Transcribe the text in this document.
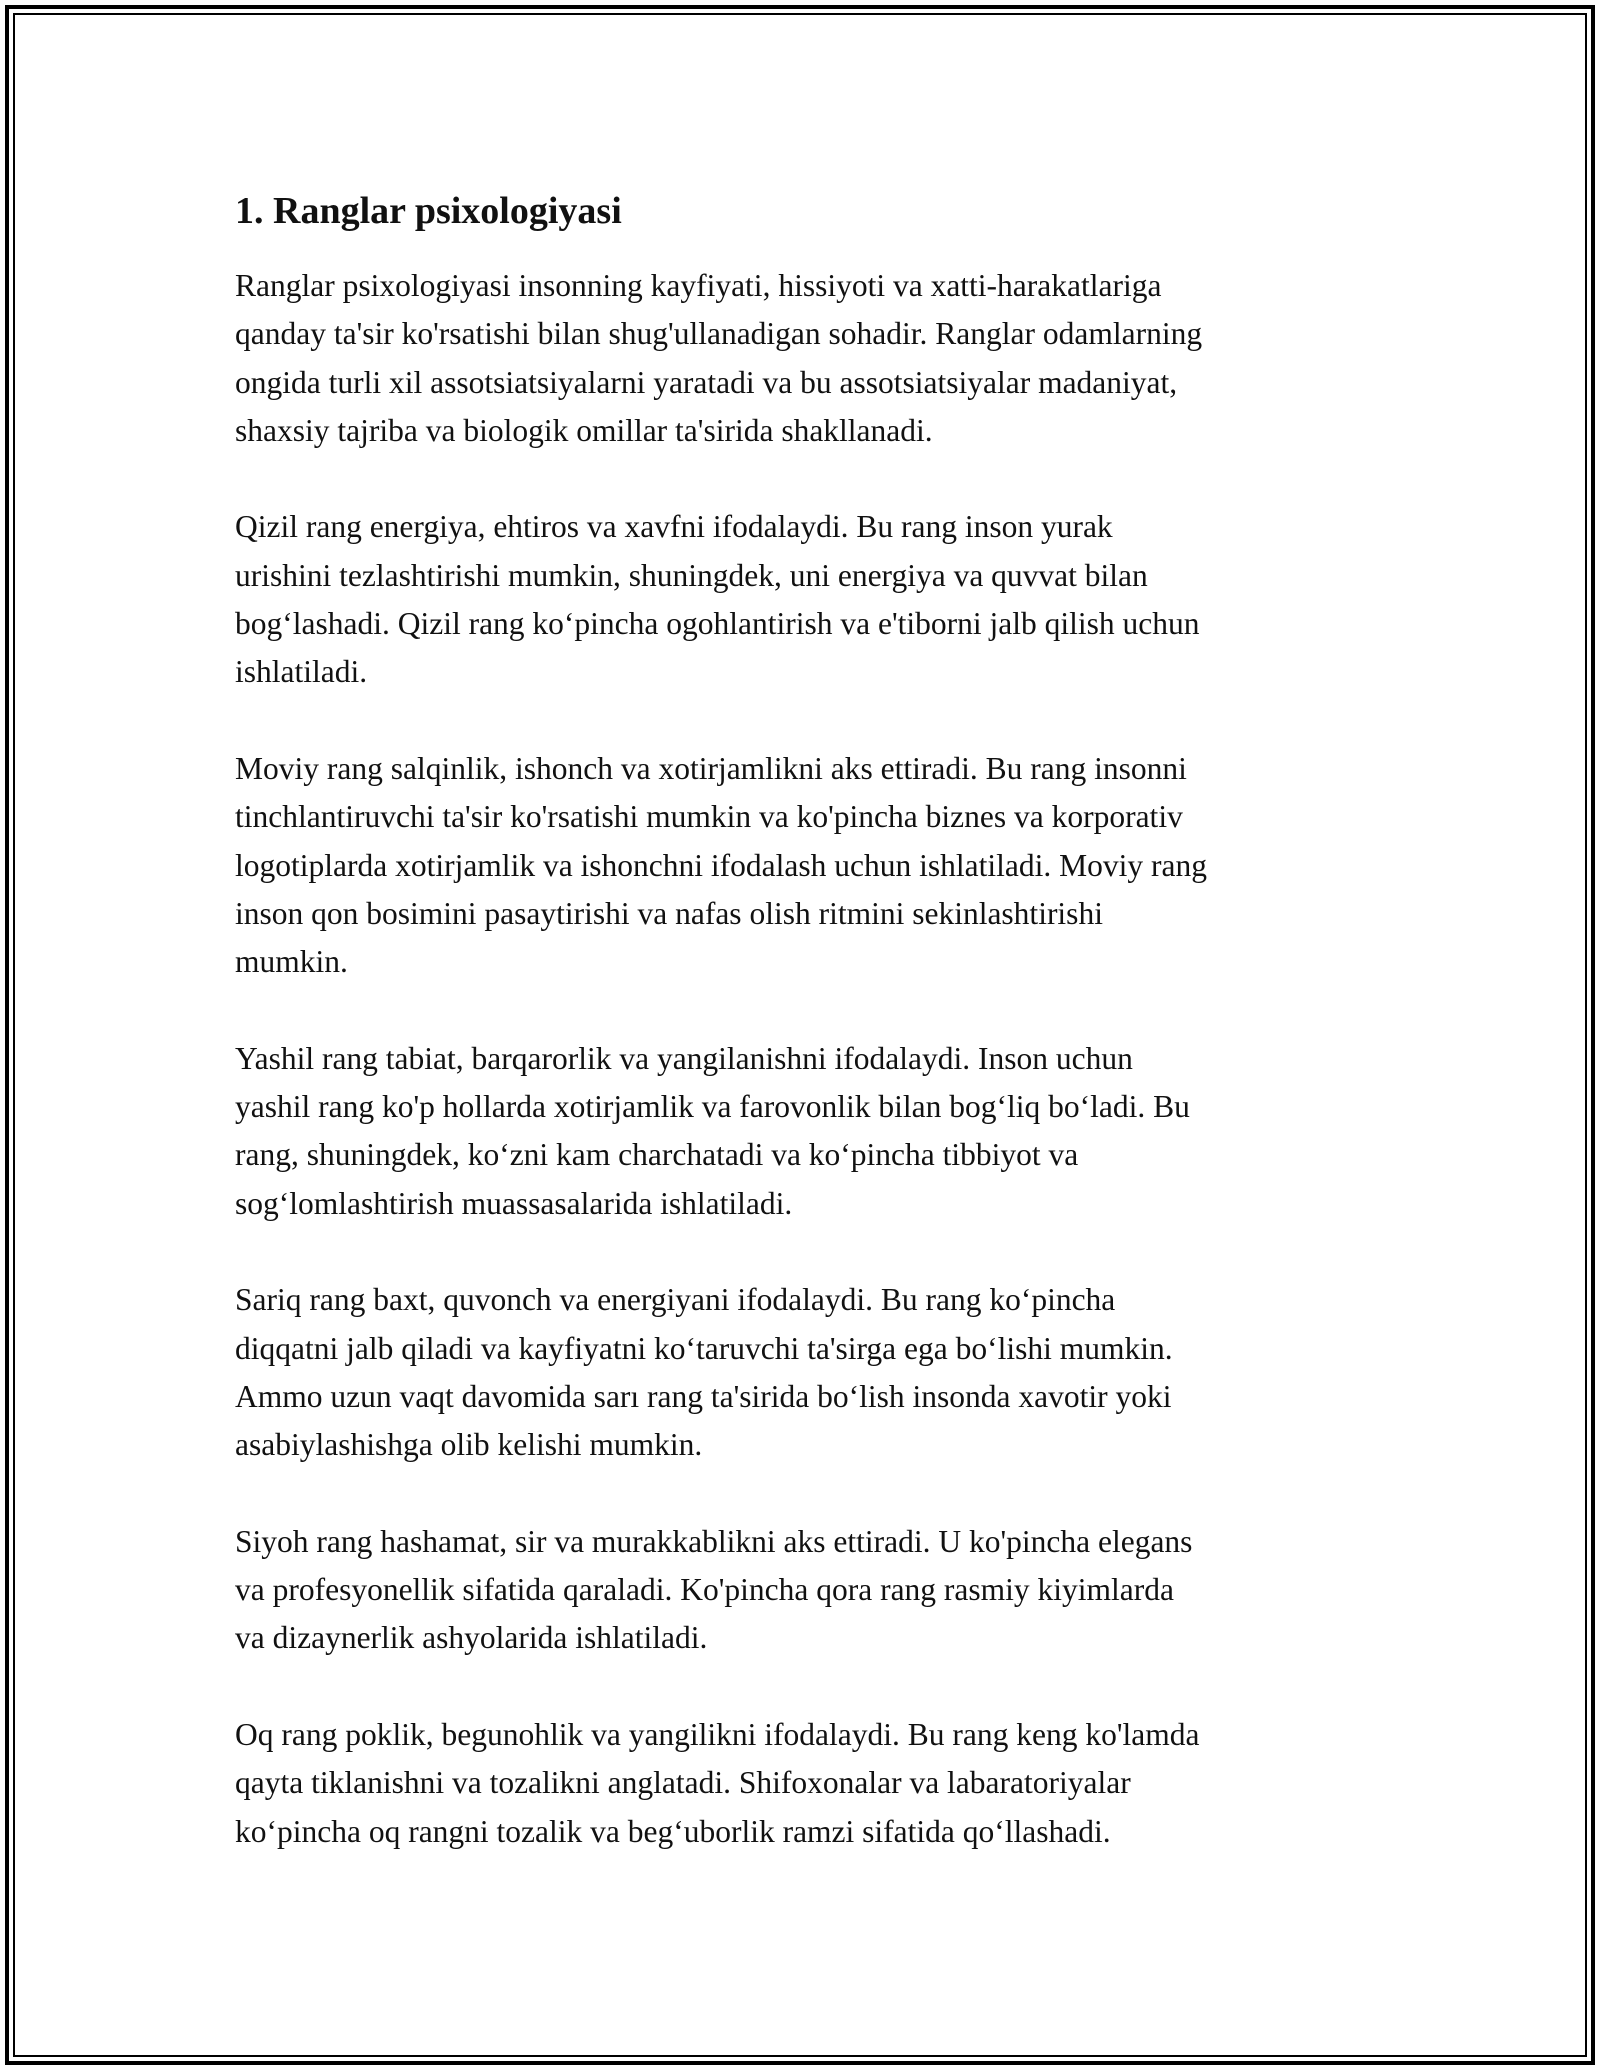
1. Ranglar psixologiyasi
Ranglar psixologiyasi insonning kayfiyati, hissiyoti va xatti-harakatlariga
qanday ta'sir ko'rsatishi bilan shug'ullanadigan sohadir. Ranglar odamlarning
ongida turli xil assotsiatsiyalarni yaratadi va bu assotsiatsiyalar madaniyat,
shaxsiy tajriba va biologik omillar ta'sirida shakllanadi.
Qizil rang energiya, ehtiros va xavfni ifodalaydi. Bu rang inson yurak
urishini tezlashtirishi mumkin, shuningdek, uni energiya va quvvat bilan
bog‘lashadi. Qizil rang ko‘pincha ogohlantirish va e'tiborni jalb qilish uchun
ishlatiladi.
Moviy rang salqinlik, ishonch va xotirjamlikni aks ettiradi. Bu rang insonni
tinchlantiruvchi ta'sir ko'rsatishi mumkin va ko'pincha biznes va korporativ
logotiplarda xotirjamlik va ishonchni ifodalash uchun ishlatiladi. Moviy rang
inson qon bosimini pasaytirishi va nafas olish ritmini sekinlashtirishi
mumkin.
Yashil rang tabiat, barqarorlik va yangilanishni ifodalaydi. Inson uchun
yashil rang ko'p hollarda xotirjamlik va farovonlik bilan bog‘liq bo‘ladi. Bu
rang, shuningdek, ko‘zni kam charchatadi va ko‘pincha tibbiyot va
sog‘lomlashtirish muassasalarida ishlatiladi.
Sariq rang baxt, quvonch va energiyani ifodalaydi. Bu rang ko‘pincha
diqqatni jalb qiladi va kayfiyatni ko‘taruvchi ta'sirga ega bo‘lishi mumkin.
Ammo uzun vaqt davomida sarı rang ta'sirida bo‘lish insonda xavotir yoki
asabiylashishga olib kelishi mumkin.
Siyoh rang hashamat, sir va murakkablikni aks ettiradi. U ko'pincha elegans
va profesyonellik sifatida qaraladi. Ko'pincha qora rang rasmiy kiyimlarda
va dizaynerlik ashyolarida ishlatiladi.
Oq rang poklik, begunohlik va yangilikni ifodalaydi. Bu rang keng ko'lamda
qayta tiklanishni va tozalikni anglatadi. Shifoxonalar va labaratoriyalar
ko‘pincha oq rangni tozalik va beg‘uborlik ramzi sifatida qo‘llashadi.
